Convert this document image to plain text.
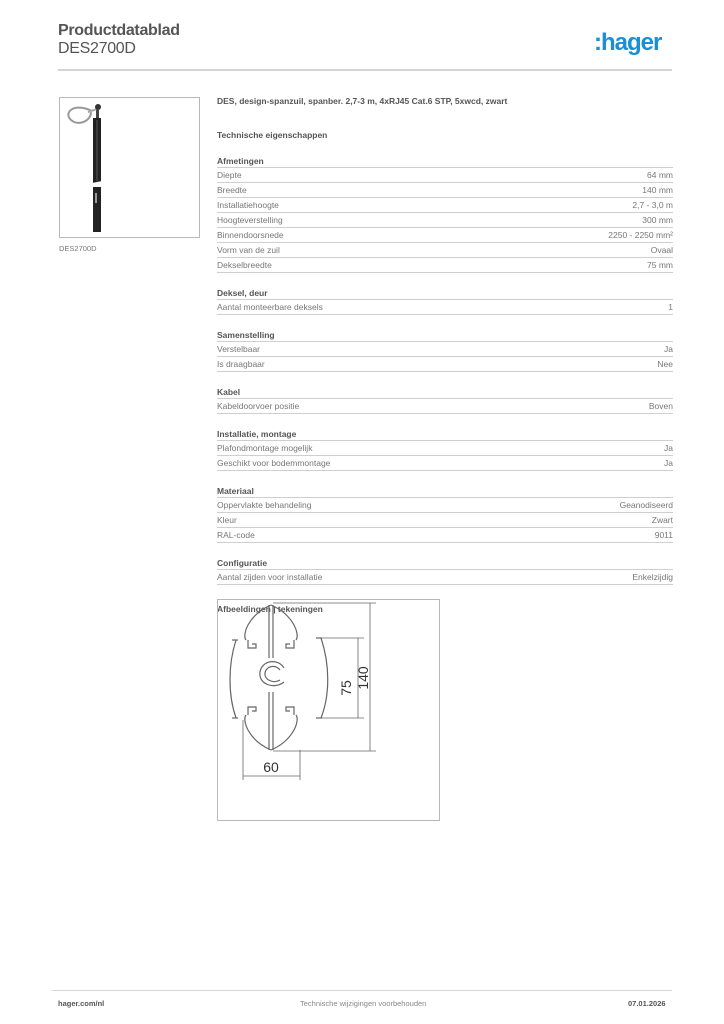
Productdatablad
DES2700D	:hager
DES2700D
DES, design-spanzuil, spanber. 2,7-3 m, 4xRJ45 Cat.6 STP, 5xwcd, zwart
Technische eigenschappen
Afmetingen
Diepte	64 mm
Breedte	140 mm
Installatiehoogte	2,7 - 3,0 m
Hoogteverstelling	300 mm
Binnendoorsnede	2250 - 2250 mm²
Vorm van de zuil	Ovaal
Dekselbreedte	75 mm
Deksel, deur
Aantal monteerbare deksels	1
Samenstelling
Verstelbaar	Ja
Is draagbaar	Nee
Kabel
Kabeldoorvoer positie	Boven
Installatie, montage
Plafondmontage mogelijk	Ja
Geschikt voor bodemmontage	Ja
Materiaal
Oppervlakte behandeling	Geanodiseerd
Kleur	Zwart
RAL-code	9011
Configuratie
Aantal zijden voor installatie	Enkelzijdig
Afbeeldingen | tekeningen
60
75 140
hager.com/nl	Technische wijzigingen voorbehouden	07.01.2026
